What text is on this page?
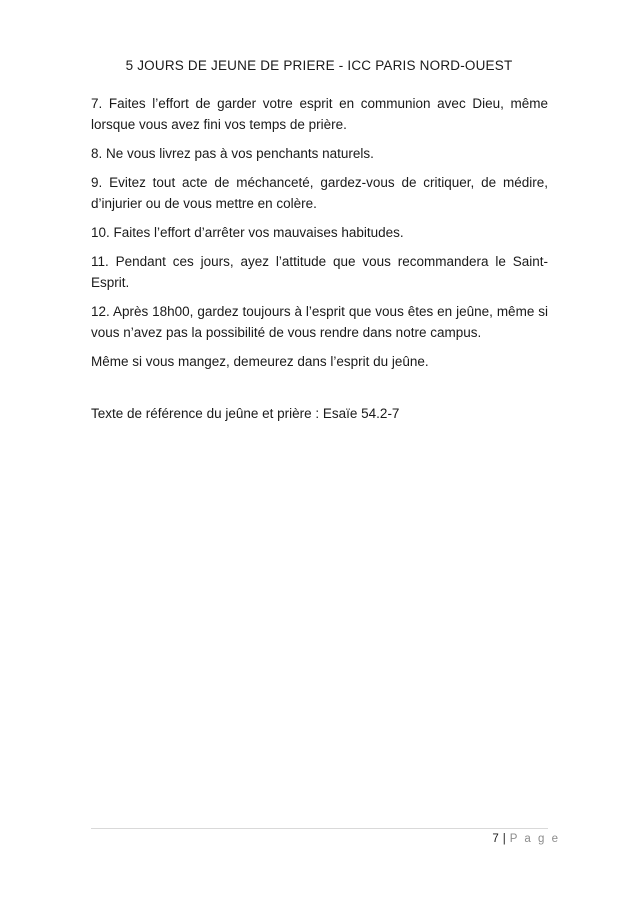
5 JOURS DE JEUNE DE PRIERE - ICC PARIS NORD-OUEST

7. Faites l’effort de garder votre esprit en communion avec Dieu, même lorsque vous avez fini vos temps de prière.

8. Ne vous livrez pas à vos penchants naturels.

9. Evitez tout acte de méchanceté, gardez-vous de critiquer, de médire, d’injurier ou de vous mettre en colère.

10. Faites l’effort d’arrêter vos mauvaises habitudes.

11. Pendant ces jours, ayez l’attitude que vous recommandera le Saint-Esprit.

12. Après 18h00, gardez toujours à l’esprit que vous êtes en jeûne, même si vous n’avez pas la possibilité de vous rendre dans notre campus.

Même si vous mangez, demeurez dans l’esprit du jeûne.

Texte de référence du jeûne et prière : Esaïe 54.2-7

7 | P a g e
